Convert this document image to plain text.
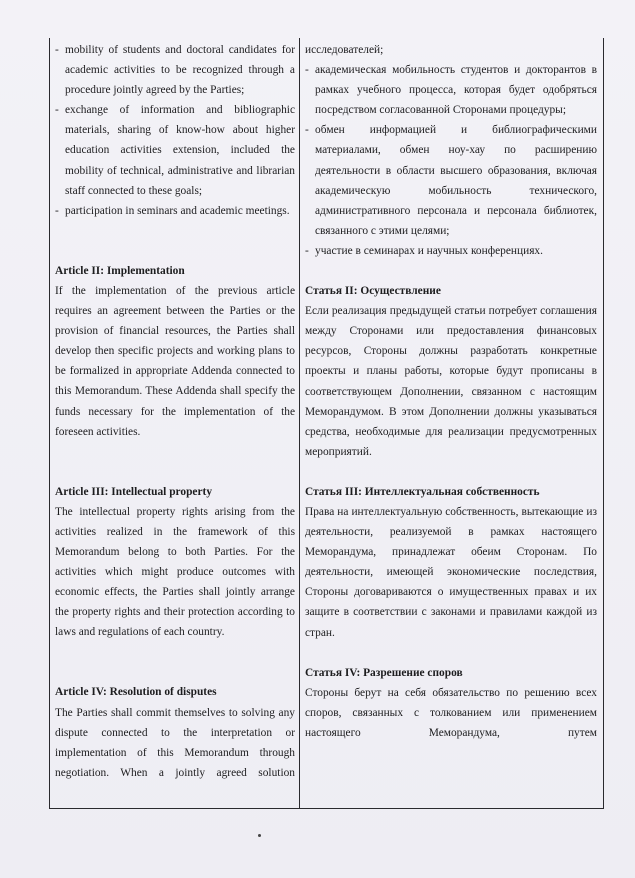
- mobility of students and doctoral candidates for academic activities to be recognized through a procedure jointly agreed by the Parties;
- exchange of information and bibliographic materials, sharing of know-how about higher education activities extension, included the mobility of technical, administrative and librarian staff connected to these goals;
- participation in seminars and academic meetings.

Article II: Implementation

If the implementation of the previous article requires an agreement between the Parties or the provision of financial resources, the Parties shall develop then specific projects and working plans to be formalized in appropriate Addenda connected to this Memorandum. These Addenda shall specify the funds necessary for the implementation of the foreseen activities.

Article III: Intellectual property

The intellectual property rights arising from the activities realized in the framework of this Memorandum belong to both Parties. For the activities which might produce outcomes with economic effects, the Parties shall jointly arrange the property rights and their protection according to laws and regulations of each country.

Article IV: Resolution of disputes

The Parties shall commit themselves to solving any dispute connected to the interpretation or implementation of this Memorandum through negotiation. When a jointly agreed solution

исследователей;

- академическая мобильность студентов и докторантов в рамках учебного процесса, которая будет одобряться посредством согласованной Сторонами процедуры;
- обмен информацией и библиографическими материалами, обмен ноу-хау по расширению деятельности в области высшего образования, включая академическую мобильность технического, административного персонала и персонала библиотек, связанного с этими целями;
- участие в семинарах и научных конференциях.

Статья II: Осуществление

Если реализация предыдущей статьи потребует соглашения между Сторонами или предоставления финансовых ресурсов, Стороны должны разработать конкретные проекты и планы работы, которые будут прописаны в соответствующем Дополнении, связанном с настоящим Меморандумом. В этом Дополнении должны указываться средства, необходимые для реализации предусмотренных мероприятий.

Статья III: Интеллектуальная собственность

Права на интеллектуальную собственность, вытекающие из деятельности, реализуемой в рамках настоящего Меморандума, принадлежат обеим Сторонам. По деятельности, имеющей экономические последствия, Стороны договариваются о имущественных правах и их защите в соответствии с законами и правилами каждой из стран.

Статья IV: Разрешение споров

Стороны берут на себя обязательство по решению всех споров, связанных с толкованием или применением настоящего Меморандума, путем
